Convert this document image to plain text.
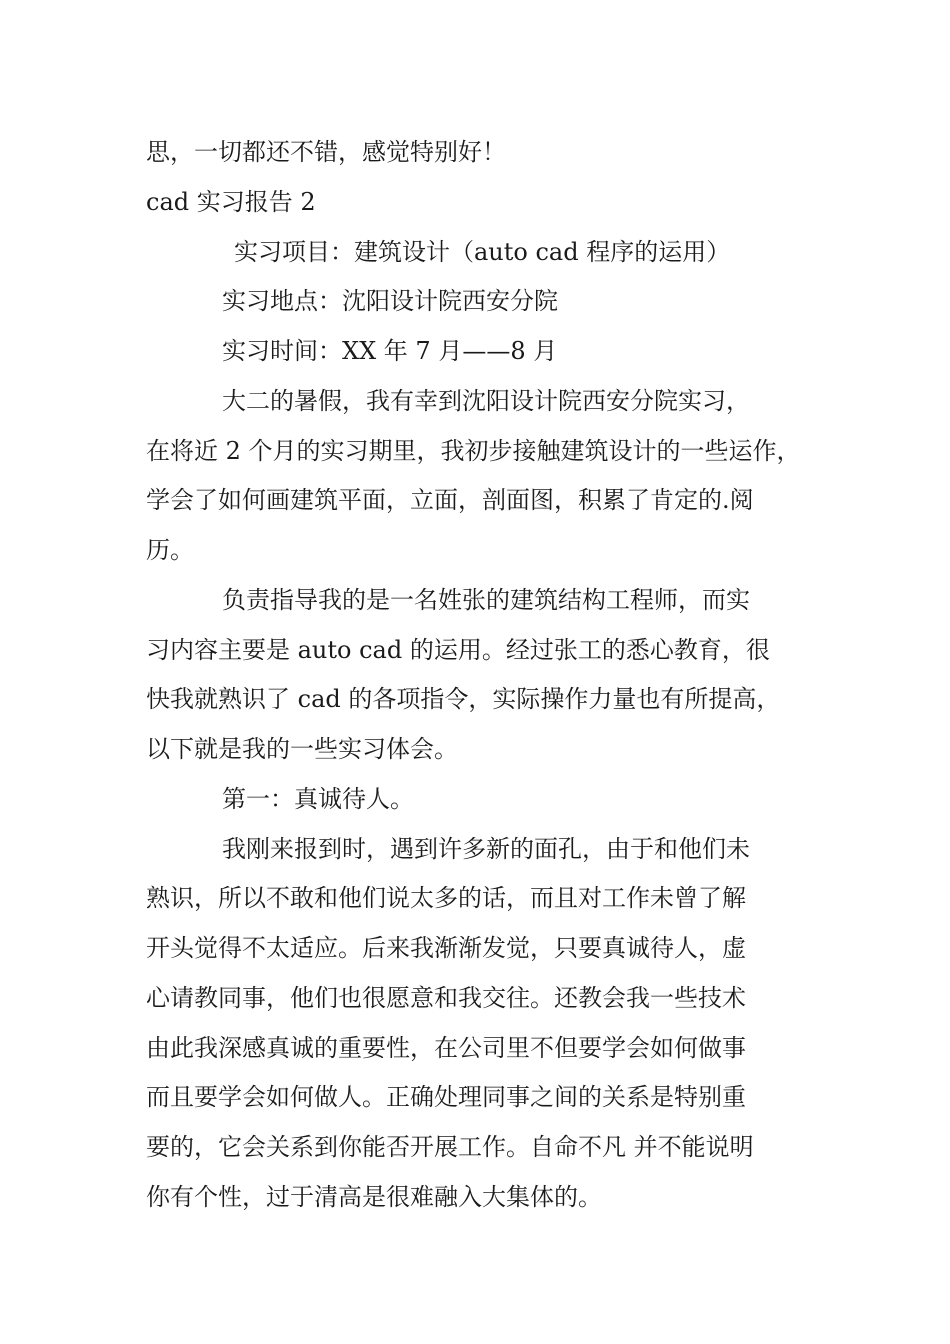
思，一切都还不错，感觉特别好！
cad 实习报告 2
实习项目：建筑设计（auto cad 程序的运用）
实习地点：沈阳设计院西安分院
实习时间：XX 年 7 月——8 月
大二的暑假，我有幸到沈阳设计院西安分院实习，
在将近 2 个月的实习期里，我初步接触建筑设计的一些运作，
学会了如何画建筑平面，立面，剖面图，积累了肯定的.阅
历。
负责指导我的是一名姓张的建筑结构工程师，而实
习内容主要是 auto cad 的运用。经过张工的悉心教育，很
快我就熟识了 cad 的各项指令，实际操作力量也有所提高，
以下就是我的一些实习体会。
第一：真诚待人。
我刚来报到时，遇到许多新的面孔，由于和他们未
熟识，所以不敢和他们说太多的话，而且对工作未曾了解
开头觉得不太适应。后来我渐渐发觉，只要真诚待人，虚
心请教同事，他们也很愿意和我交往。还教会我一些技术
由此我深感真诚的重要性，在公司里不但要学会如何做事
而且要学会如何做人。正确处理同事之间的关系是特别重
要的，它会关系到你能否开展工作。自命不凡 并不能说明
你有个性，过于清高是很难融入大集体的。
